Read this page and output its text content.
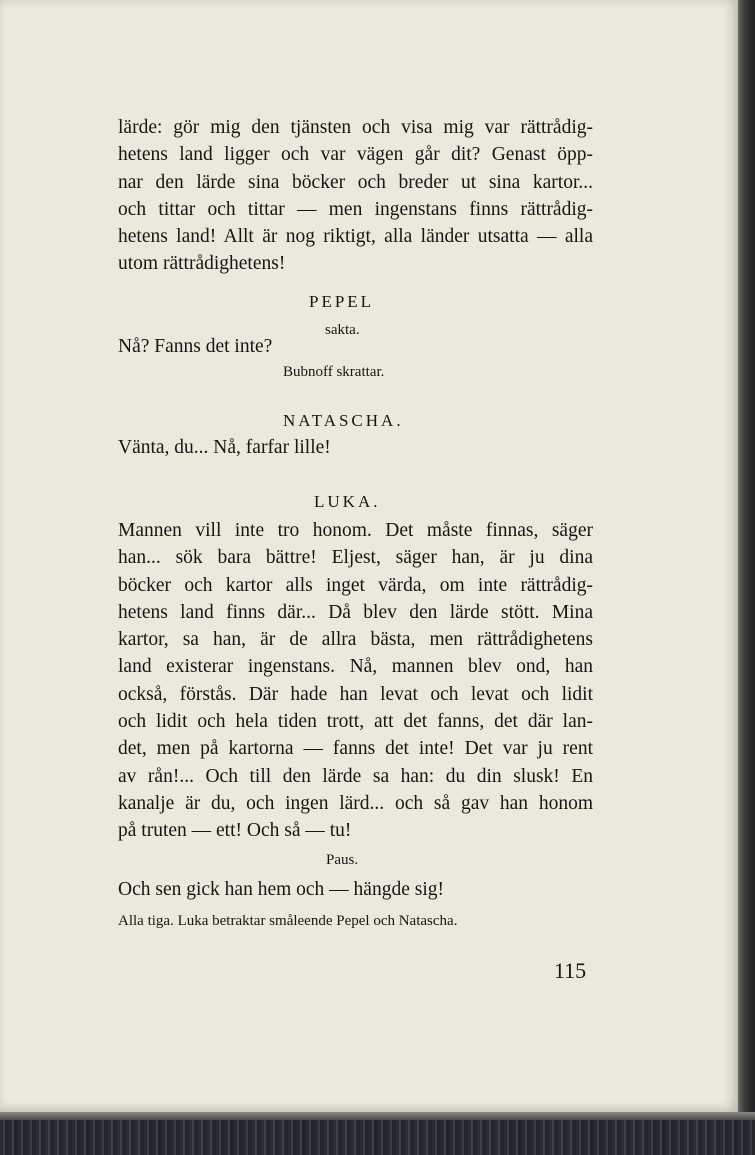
lärde: gör mig den tjänsten och visa mig var rättrådig-
hetens land ligger och var vägen går dit? Genast öpp-
nar den lärde sina böcker och breder ut sina kartor...
och tittar och tittar — men ingenstans finns rättrådig-
hetens land! Allt är nog riktigt, alla länder utsatta — alla
utom rättrådighetens!
PEPEL
sakta.
Nå? Fanns det inte?
Bubnoff skrattar.
NATASCHA.
Vänta, du... Nå, farfar lille!
LUKA.
Mannen vill inte tro honom. Det måste finnas, säger
han... sök bara bättre! Eljest, säger han, är ju dina
böcker och kartor alls inget värda, om inte rättrådig-
hetens land finns där... Då blev den lärde stött. Mina
kartor, sa han, är de allra bästa, men rättrådighetens
land existerar ingenstans. Nå, mannen blev ond, han
också, förstås. Där hade han levat och levat och lidit
och lidit och hela tiden trott, att det fanns, det där lan-
det, men på kartorna — fanns det inte! Det var ju rent
av rån!... Och till den lärde sa han: du din slusk! En
kanalje är du, och ingen lärd... och så gav han honom
på truten — ett! Och så — tu!
Paus.
Och sen gick han hem och — hängde sig!
Alla tiga. Luka betraktar småleende Pepel och Natascha.
115
